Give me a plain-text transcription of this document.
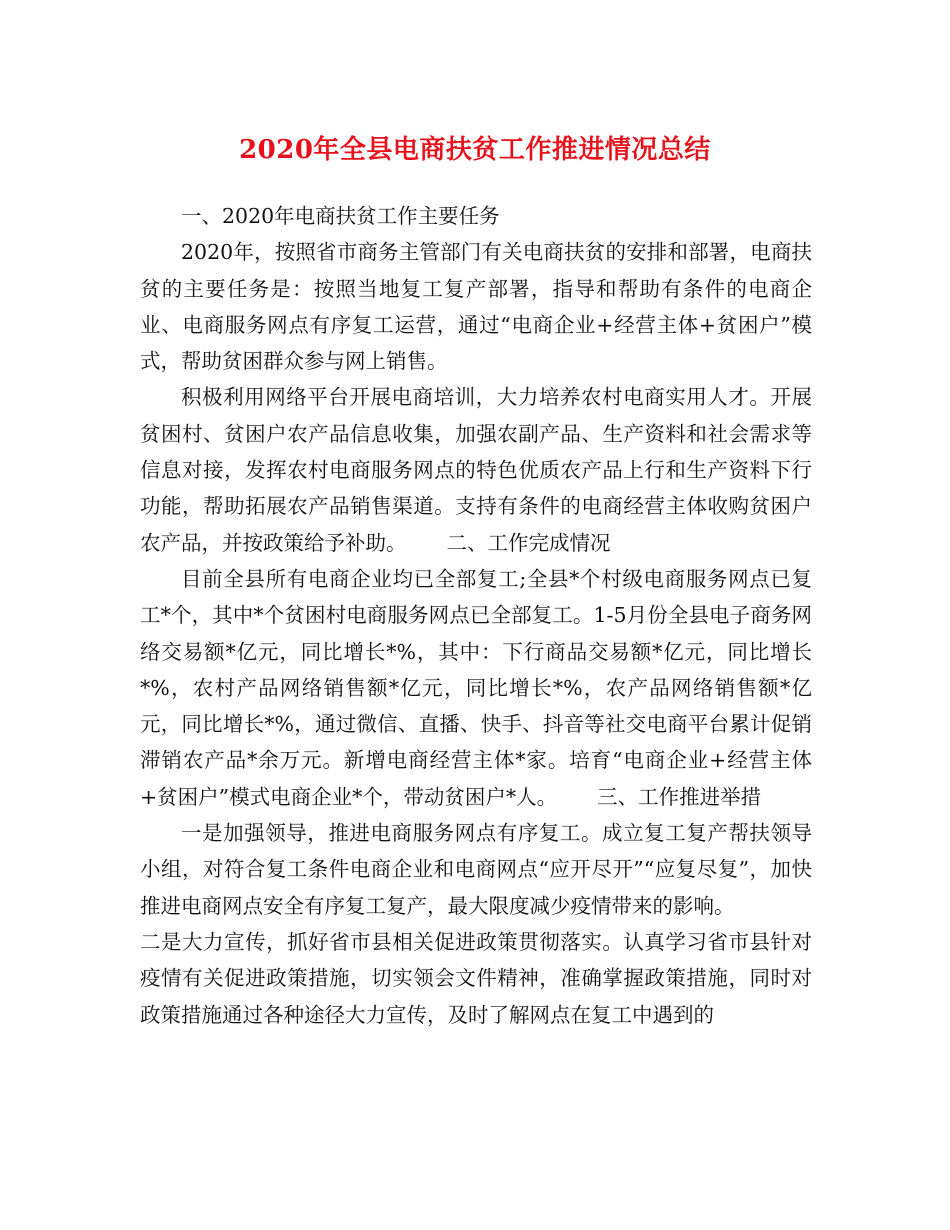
2020年全县电商扶贫工作推进情况总结

一、2020年电商扶贫工作主要任务

2020年，按照省市商务主管部门有关电商扶贫的安排和部署，电商扶贫的主要任务是：按照当地复工复产部署，指导和帮助有条件的电商企业、电商服务网点有序复工运营，通过“电商企业+经营主体+贫困户”模式，帮助贫困群众参与网上销售。

积极利用网络平台开展电商培训，大力培养农村电商实用人才。开展贫困村、贫困户农产品信息收集，加强农副产品、生产资料和社会需求等信息对接，发挥农村电商服务网点的特色优质农产品上行和生产资料下行功能，帮助拓展农产品销售渠道。支持有条件的电商经营主体收购贫困户农产品，并按政策给予补助。 二、工作完成情况

目前全县所有电商企业均已全部复工;全县*个村级电商服务网点已复工*个，其中*个贫困村电商服务网点已全部复工。1-5月份全县电子商务网络交易额*亿元，同比增长*%，其中：下行商品交易额*亿元，同比增长*%，农村产品网络销售额*亿元，同比增长*%，农产品网络销售额*亿元，同比增长*%，通过微信、直播、快手、抖音等社交电商平台累计促销滞销农产品*余万元。新增电商经营主体*家。培育“电商企业+经营主体+贫困户”模式电商企业*个，带动贫困户*人。 三、工作推进举措

一是加强领导，推进电商服务网点有序复工。成立复工复产帮扶领导小组，对符合复工条件电商企业和电商网点“应开尽开”“应复尽复”，加快推进电商网点安全有序复工复产，最大限度减少疫情带来的影响。

二是大力宣传，抓好省市县相关促进政策贯彻落实。认真学习省市县针对疫情有关促进政策措施，切实领会文件精神，准确掌握政策措施，同时对政策措施通过各种途径大力宣传，及时了解网点在复工中遇到的
